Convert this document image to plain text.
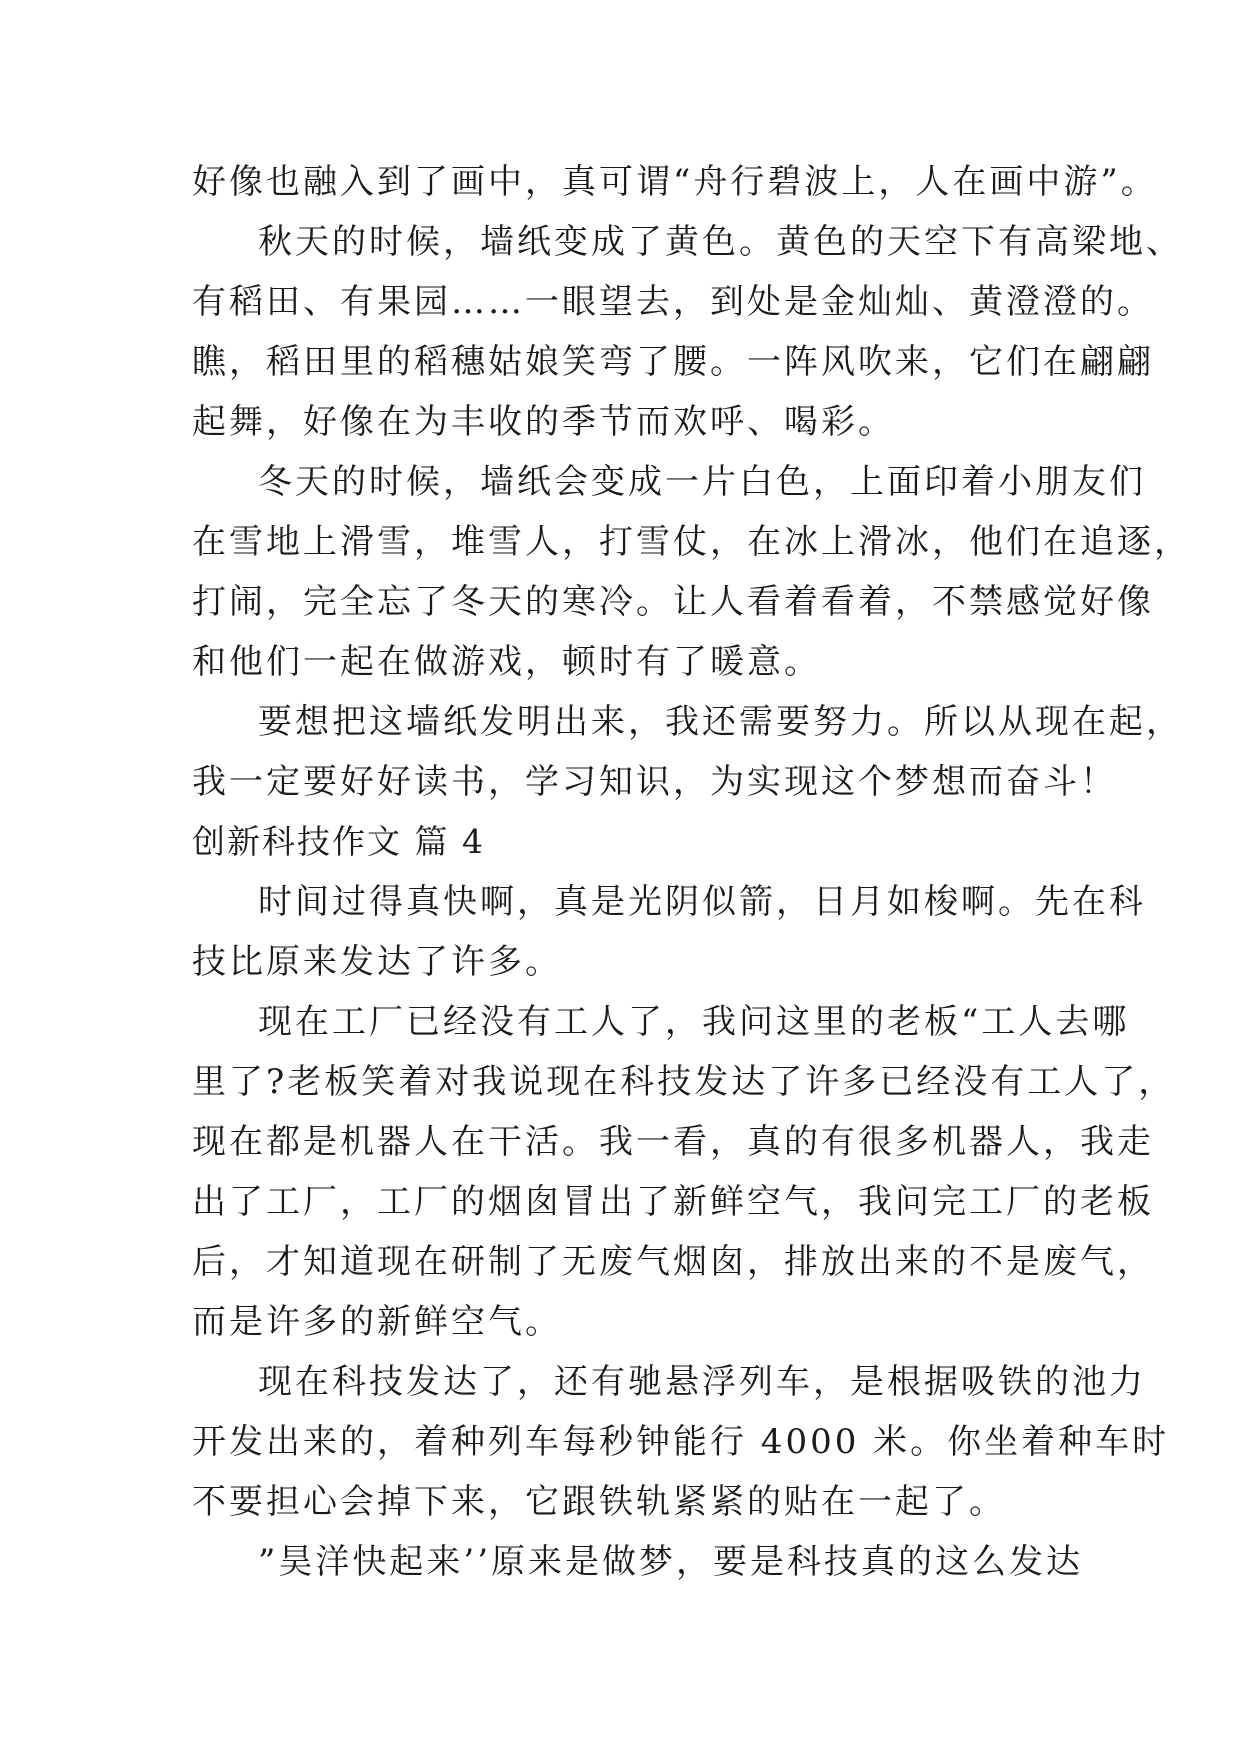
好像也融入到了画中，真可谓“舟行碧波上，人在画中游”。
秋天的时候，墙纸变成了黄色。黄色的天空下有高梁地、
有稻田、有果园……一眼望去，到处是金灿灿、黄澄澄的。
瞧，稻田里的稻穗姑娘笑弯了腰。一阵风吹来，它们在翩翩
起舞，好像在为丰收的季节而欢呼、喝彩。
冬天的时候，墙纸会变成一片白色，上面印着小朋友们
在雪地上滑雪，堆雪人，打雪仗，在冰上滑冰，他们在追逐，
打闹，完全忘了冬天的寒冷。让人看着看着，不禁感觉好像
和他们一起在做游戏，顿时有了暖意。
要想把这墙纸发明出来，我还需要努力。所以从现在起，
我一定要好好读书，学习知识，为实现这个梦想而奋斗！
创新科技作文 篇 4
时间过得真快啊，真是光阴似箭，日月如梭啊。先在科
技比原来发达了许多。
现在工厂已经没有工人了，我问这里的老板“工人去哪
里了?老板笑着对我说现在科技发达了许多已经没有工人了，
现在都是机器人在干活。我一看，真的有很多机器人，我走
出了工厂，工厂的烟囱冒出了新鲜空气，我问完工厂的老板
后，才知道现在研制了无废气烟囱，排放出来的不是废气，
而是许多的新鲜空气。
现在科技发达了，还有驰悬浮列车，是根据吸铁的池力
开发出来的，着种列车每秒钟能行 4000 米。你坐着种车时
不要担心会掉下来，它跟铁轨紧紧的贴在一起了。
”昊洋快起来’’原来是做梦，要是科技真的这么发达
